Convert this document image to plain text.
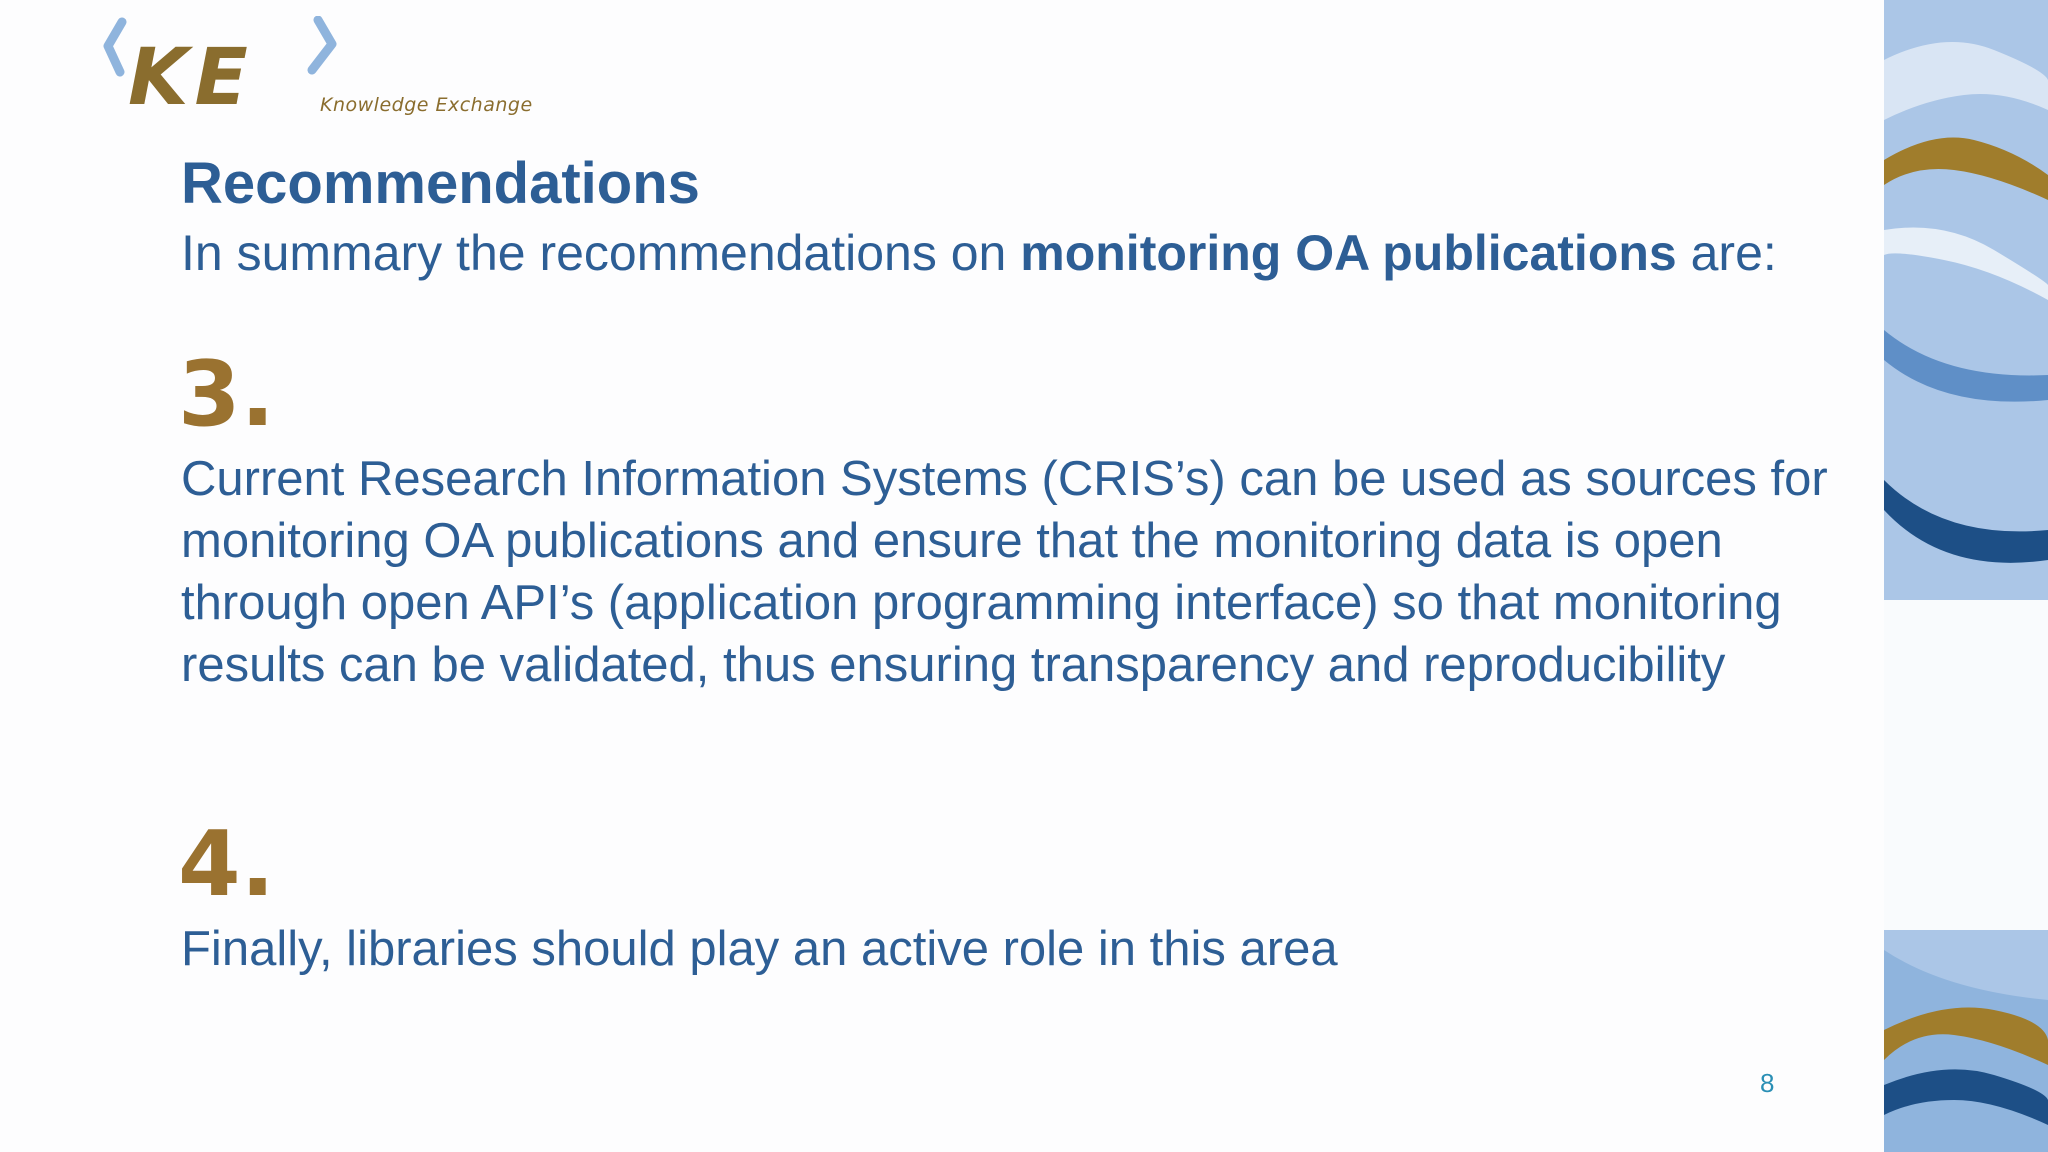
KE	Knowledge Exchange
Recommendations
In summary the recommendations on monitoring OA publications are:
3.
Current Research Information Systems (CRIS’s) can be used as sources for monitoring OA publications and ensure that the monitoring data is open through open API’s (application programming interface) so that monitoring results can be validated, thus ensuring transparency and reproducibility
4.
Finally, libraries should play an active role in this area
8
